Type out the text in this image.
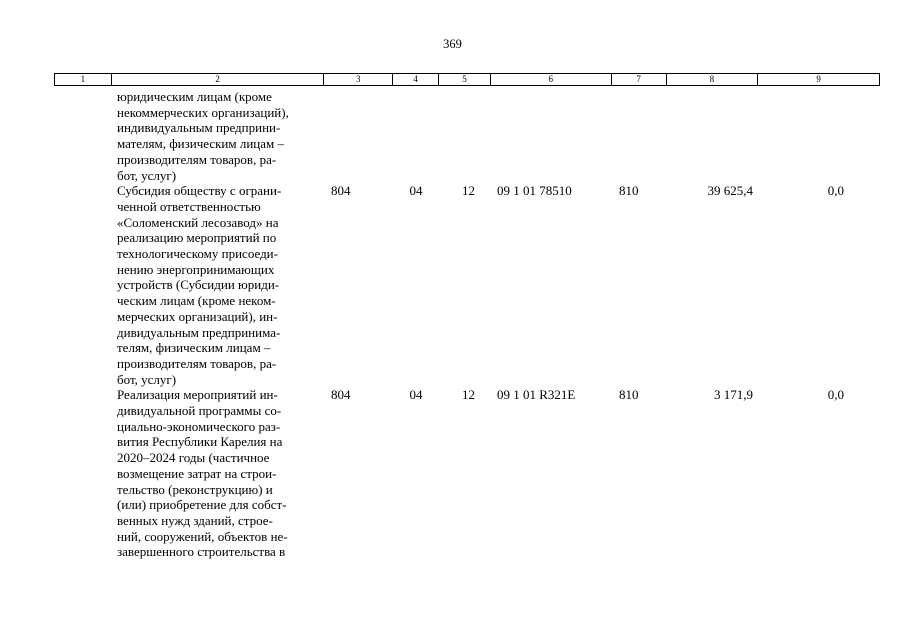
369
1	2	3	4	5	6	7	8	9
юридическим лицам (кроме
некоммерческих организаций),
индивидуальным предприни-
мателям, физическим лицам –
производителям товаров, ра-
бот, услуг)
Субсидия обществу с ограни-
ченной ответственностью
«Соломенский лесозавод» на
реализацию мероприятий по
технологическому присоеди-
нению энергопринимающих
устройств (Субсидии юриди-
ческим лицам (кроме неком-
мерческих организаций), ин-
дивидуальным предпринима-
телям, физическим лицам –
производителям товаров, ра-
бот, услуг)
804	04	12	09 1 01 78510	810	39 625,4	0,0
Реализация мероприятий ин-
дивидуальной программы со-
циально-экономического раз-
вития Республики Карелия на
2020–2024 годы (частичное
возмещение затрат на строи-
тельство (реконструкцию) и
(или) приобретение для собст-
венных нужд зданий, строе-
ний, сооружений, объектов не-
завершенного строительства в
804	04	12	09 1 01 R321E	810	3 171,9	0,0
